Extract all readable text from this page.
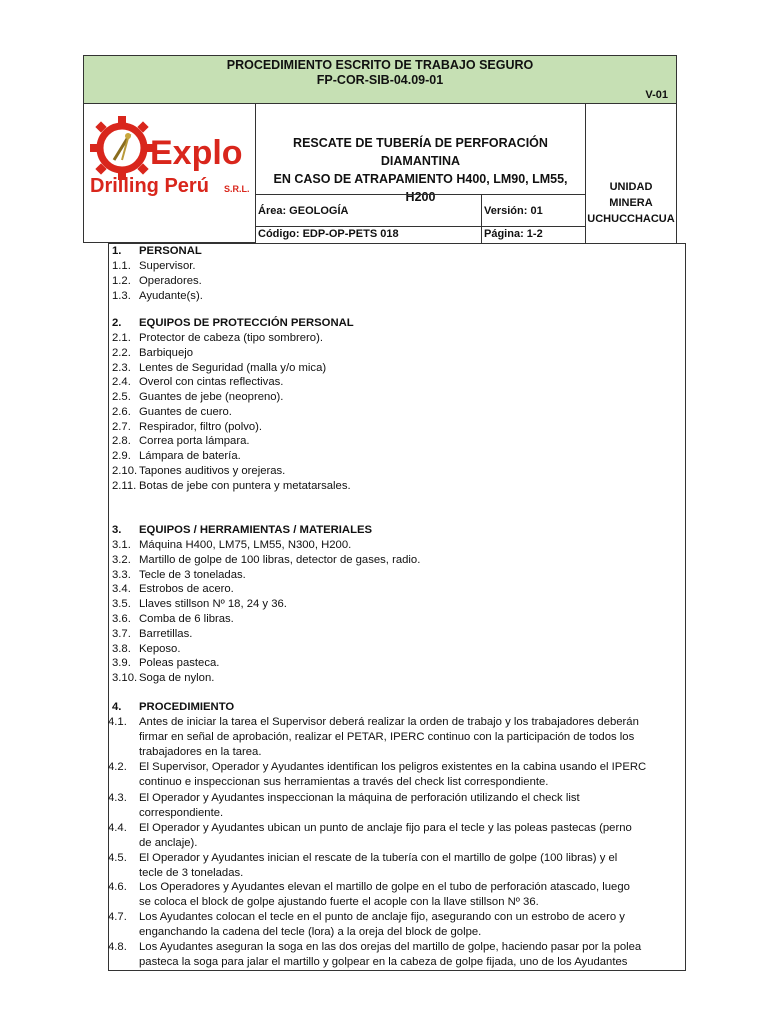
PROCEDIMIENTO ESCRITO DE TRABAJO SEGURO
FP-COR-SIB-04.09-01
V-01
Explo
Drilling Perú S.R.L.
RESCATE DE TUBERÍA DE PERFORACIÓN DIAMANTINA
EN CASO DE ATRAPAMIENTO H400, LM90, LM55, H200
Área: GEOLOGÍA	Versión: 01
Código: EDP-OP-PETS 018	Página: 1-2
UNIDAD
MINERA
UCHUCCHACUA
1. PERSONAL
1.1. Supervisor.
1.2. Operadores.
1.3. Ayudante(s).
2. EQUIPOS DE PROTECCIÓN PERSONAL
2.1. Protector de cabeza (tipo sombrero).
2.2. Barbiquejo
2.3. Lentes de Seguridad (malla y/o mica)
2.4. Overol con cintas reflectivas.
2.5. Guantes de jebe (neopreno).
2.6. Guantes de cuero.
2.7. Respirador, filtro (polvo).
2.8. Correa porta lámpara.
2.9. Lámpara de batería.
2.10. Tapones auditivos y orejeras.
2.11. Botas de jebe con puntera y metatarsales.
3. EQUIPOS / HERRAMIENTAS / MATERIALES
3.1. Máquina H400, LM75, LM55, N300, H200.
3.2. Martillo de golpe de 100 libras, detector de gases, radio.
3.3. Tecle de 3 toneladas.
3.4. Estrobos de acero.
3.5. Llaves stillson Nº 18, 24 y 36.
3.6. Comba de 6 libras.
3.7. Barretillas.
3.8. Keposo.
3.9. Poleas pasteca.
3.10. Soga de nylon.
4. PROCEDIMIENTO
4.1. Antes de iniciar la tarea el Supervisor deberá realizar la orden de trabajo y los trabajadores deberán
firmar en señal de aprobación, realizar el PETAR, IPERC continuo con la participación de todos los
trabajadores en la tarea.
4.2. El Supervisor, Operador y Ayudantes identifican los peligros existentes en la cabina usando el IPERC
continuo e inspeccionan sus herramientas a través del check list correspondiente.
4.3. El Operador y Ayudantes inspeccionan la máquina de perforación utilizando el check list
correspondiente.
4.4. El Operador y Ayudantes ubican un punto de anclaje fijo para el tecle y las poleas pastecas (perno
de anclaje).
4.5. El Operador y Ayudantes inician el rescate de la tubería con el martillo de golpe (100 libras) y el
tecle de 3 toneladas.
4.6. Los Operadores y Ayudantes elevan el martillo de golpe en el tubo de perforación atascado, luego
se coloca el block de golpe ajustando fuerte el acople con la llave stillson Nº 36.
4.7. Los Ayudantes colocan el tecle en el punto de anclaje fijo, asegurando con un estrobo de acero y
enganchando la cadena del tecle (lora) a la oreja del block de golpe.
4.8. Los Ayudantes aseguran la soga en las dos orejas del martillo de golpe, haciendo pasar por la polea
pasteca la soga para jalar el martillo y golpear en la cabeza de golpe fijada, uno de los Ayudantes
